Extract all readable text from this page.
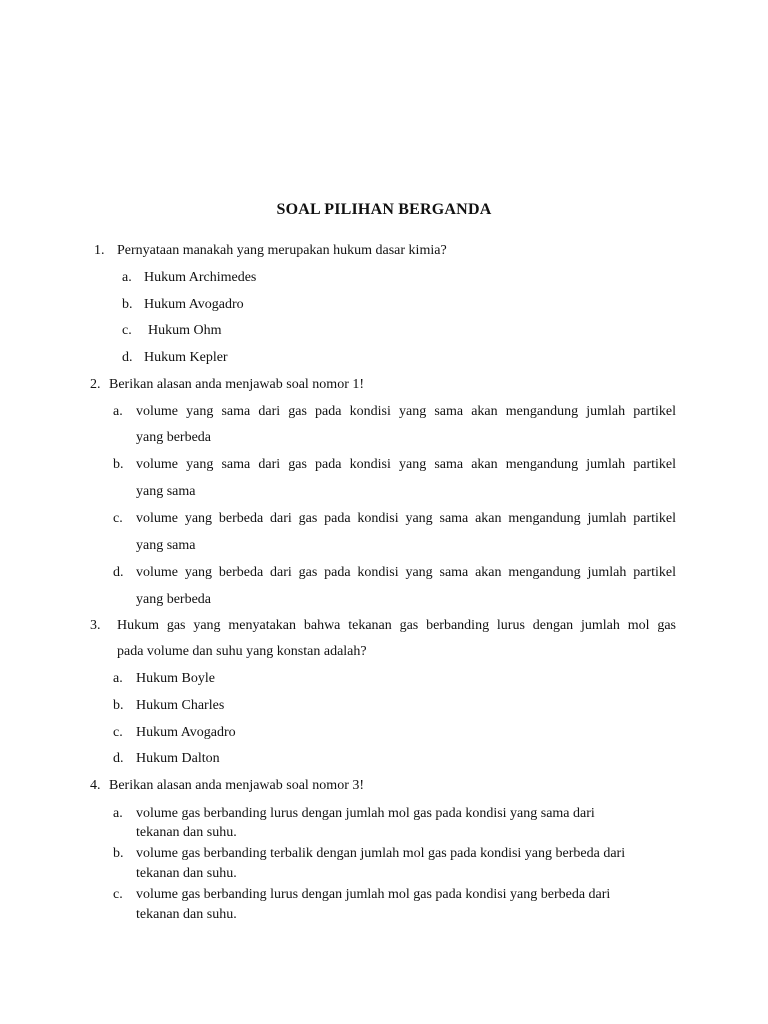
SOAL PILIHAN BERGANDA
1. Pernyataan manakah yang merupakan hukum dasar kimia?
a. Hukum Archimedes
b. Hukum Avogadro
c. Hukum Ohm
d. Hukum Kepler
2. Berikan alasan anda menjawab soal nomor 1!
a. volume yang sama dari gas pada kondisi yang sama akan mengandung jumlah partikel
yang berbeda
b. volume yang sama dari gas pada kondisi yang sama akan mengandung jumlah partikel
yang sama
c. volume yang berbeda dari gas pada kondisi yang sama akan mengandung jumlah partikel
yang sama
d. volume yang berbeda dari gas pada kondisi yang sama akan mengandung jumlah partikel
yang berbeda
3. Hukum gas yang menyatakan bahwa tekanan gas berbanding lurus dengan jumlah mol gas
pada volume dan suhu yang konstan adalah?
a. Hukum Boyle
b. Hukum Charles
c. Hukum Avogadro
d. Hukum Dalton
4. Berikan alasan anda menjawab soal nomor 3!
a. volume gas berbanding lurus dengan jumlah mol gas pada kondisi yang sama dari
tekanan dan suhu.
b. volume gas berbanding terbalik dengan jumlah mol gas pada kondisi yang berbeda dari
tekanan dan suhu.
c. volume gas berbanding lurus dengan jumlah mol gas pada kondisi yang berbeda dari
tekanan dan suhu.
